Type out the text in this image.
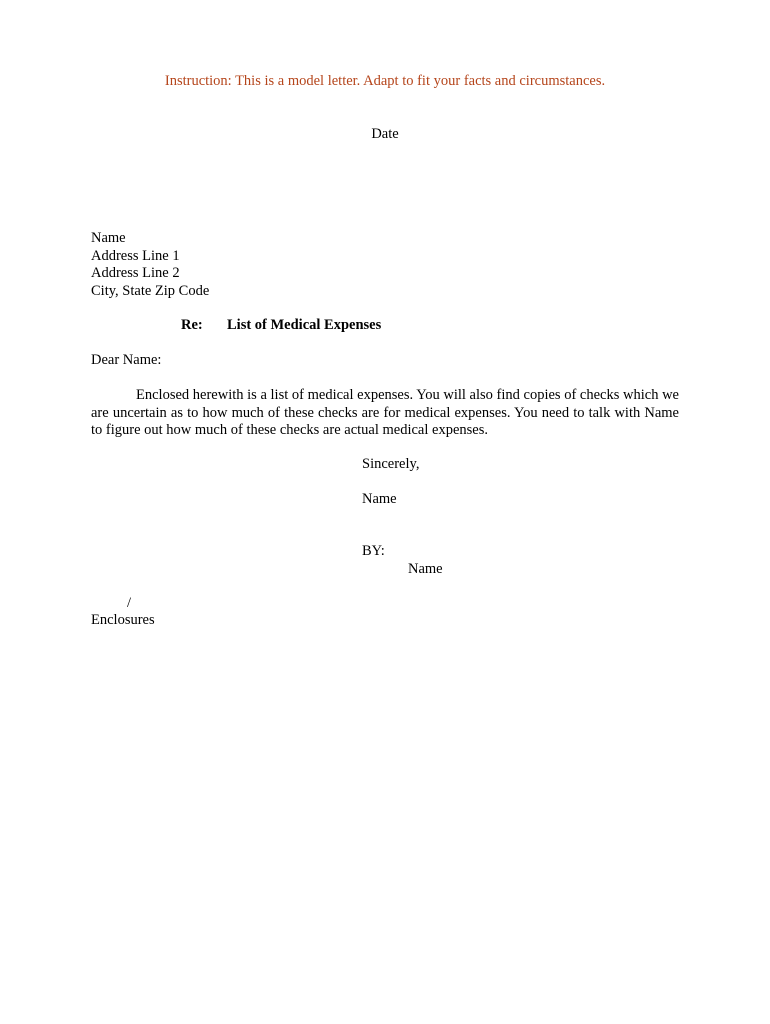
Instruction: This is a model letter. Adapt to fit your facts and circumstances.
Date
Name
Address Line 1
Address Line 2
City, State Zip Code
Re: List of Medical Expenses
Dear Name:
Enclosed herewith is a list of medical expenses. You will also find copies of checks which we are uncertain as to how much of these checks are for medical expenses. You need to talk with Name to figure out how much of these checks are actual medical expenses.
Sincerely,
Name
BY:
Name
/
Enclosures
